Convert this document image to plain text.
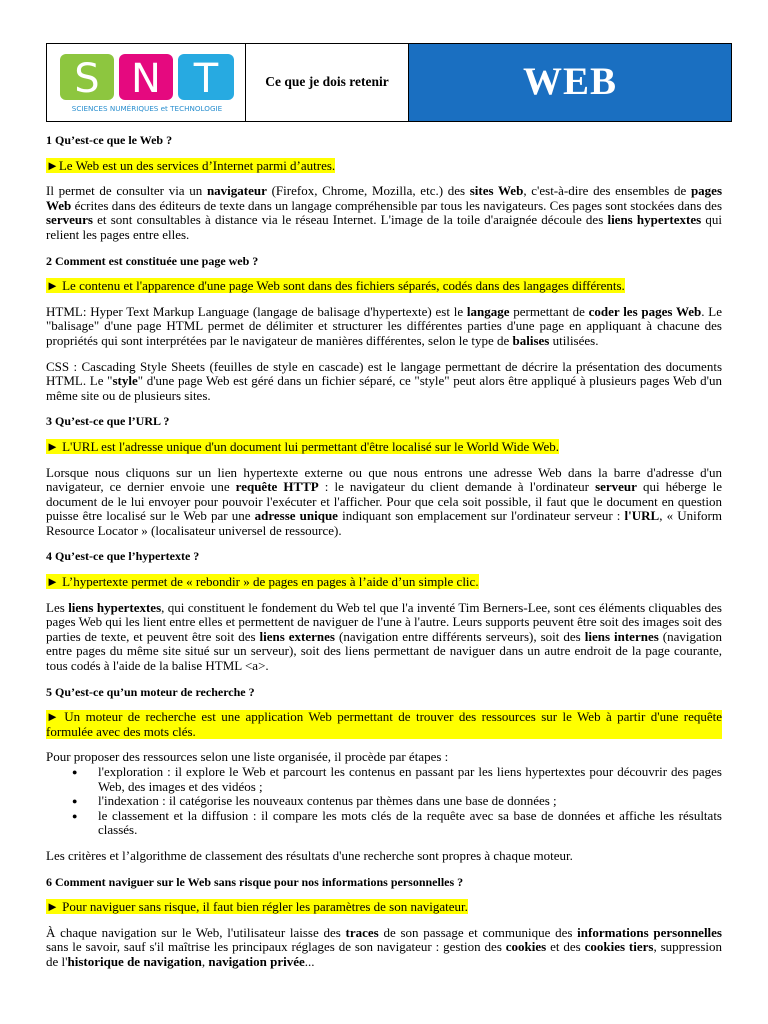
S N T
SCIENCES NUMÉRIQUES et TECHNOLOGIE
Ce que je dois retenir	WEB

1 Qu’est-ce que le Web ?

►Le Web est un des services d’Internet parmi d’autres.

Il permet de consulter via un navigateur (Firefox, Chrome, Mozilla, etc.) des sites Web, c'est-à-dire des ensembles de pages Web écrites dans des éditeurs de texte dans un langage compréhensible par tous les navigateurs. Ces pages sont stockées dans des serveurs et sont consultables à distance via le réseau Internet. L'image de la toile d'araignée découle des liens hypertextes qui relient les pages entre elles.

2 Comment est constituée une page web ?

► Le contenu et l'apparence d'une page Web sont dans des fichiers séparés, codés dans des langages différents.

HTML: Hyper Text Markup Language (langage de balisage d'hypertexte) est le langage permettant de coder les pages Web. Le "balisage" d'une page HTML permet de délimiter et structurer les différentes parties d'une page en appliquant à chacune des propriétés qui sont interprétées par le navigateur de manières différentes, selon le type de balises utilisées.

CSS : Cascading Style Sheets (feuilles de style en cascade) est le langage permettant de décrire la présentation des documents HTML. Le "style" d'une page Web est géré dans un fichier séparé, ce "style" peut alors être appliqué à plusieurs pages Web d'un même site ou de plusieurs sites.

3 Qu’est-ce que l’URL ?

► L'URL est l'adresse unique d'un document lui permettant d'être localisé sur le World Wide Web.

Lorsque nous cliquons sur un lien hypertexte externe ou que nous entrons une adresse Web dans la barre d'adresse d'un navigateur, ce dernier envoie une requête HTTP : le navigateur du client demande à l'ordinateur serveur qui héberge le document de le lui envoyer pour pouvoir l'exécuter et l'afficher. Pour que cela soit possible, il faut que le document en question puisse être localisé sur le Web par une adresse unique indiquant son emplacement sur l'ordinateur serveur : l'URL, « Uniform Resource Locator » (localisateur universel de ressource).

4 Qu’est-ce que l’hypertexte ?

► L’hypertexte permet de « rebondir » de pages en pages à l’aide d’un simple clic.

Les liens hypertextes, qui constituent le fondement du Web tel que l'a inventé Tim Berners-Lee, sont ces éléments cliquables des pages Web qui les lient entre elles et permettent de naviguer de l'une à l'autre. Leurs supports peuvent être soit des images soit des parties de texte, et peuvent être soit des liens externes (navigation entre différents serveurs), soit des liens internes (navigation entre pages du même site situé sur un serveur), soit des liens permettant de naviguer dans un autre endroit de la page courante, tous codés à l'aide de la balise HTML <a>.

5 Qu’est-ce qu’un moteur de recherche ?

► Un moteur de recherche est une application Web permettant de trouver des ressources sur le Web à partir d'une requête formulée avec des mots clés.

Pour proposer des ressources selon une liste organisée, il procède par étapes :

● l'exploration : il explore le Web et parcourt les contenus en passant par les liens hypertextes pour découvrir des pages Web, des images et des vidéos ;
● l'indexation : il catégorise les nouveaux contenus par thèmes dans une base de données ;
● le classement et la diffusion : il compare les mots clés de la requête avec sa base de données et affiche les résultats classés.

Les critères et l’algorithme de classement des résultats d'une recherche sont propres à chaque moteur.

6 Comment naviguer sur le Web sans risque pour nos informations personnelles ?

► Pour naviguer sans risque, il faut bien régler les paramètres de son navigateur.

À chaque navigation sur le Web, l'utilisateur laisse des traces de son passage et communique des informations personnelles sans le savoir, sauf s'il maîtrise les principaux réglages de son navigateur : gestion des cookies et des cookies tiers, suppression de l'historique de navigation, navigation privée...
